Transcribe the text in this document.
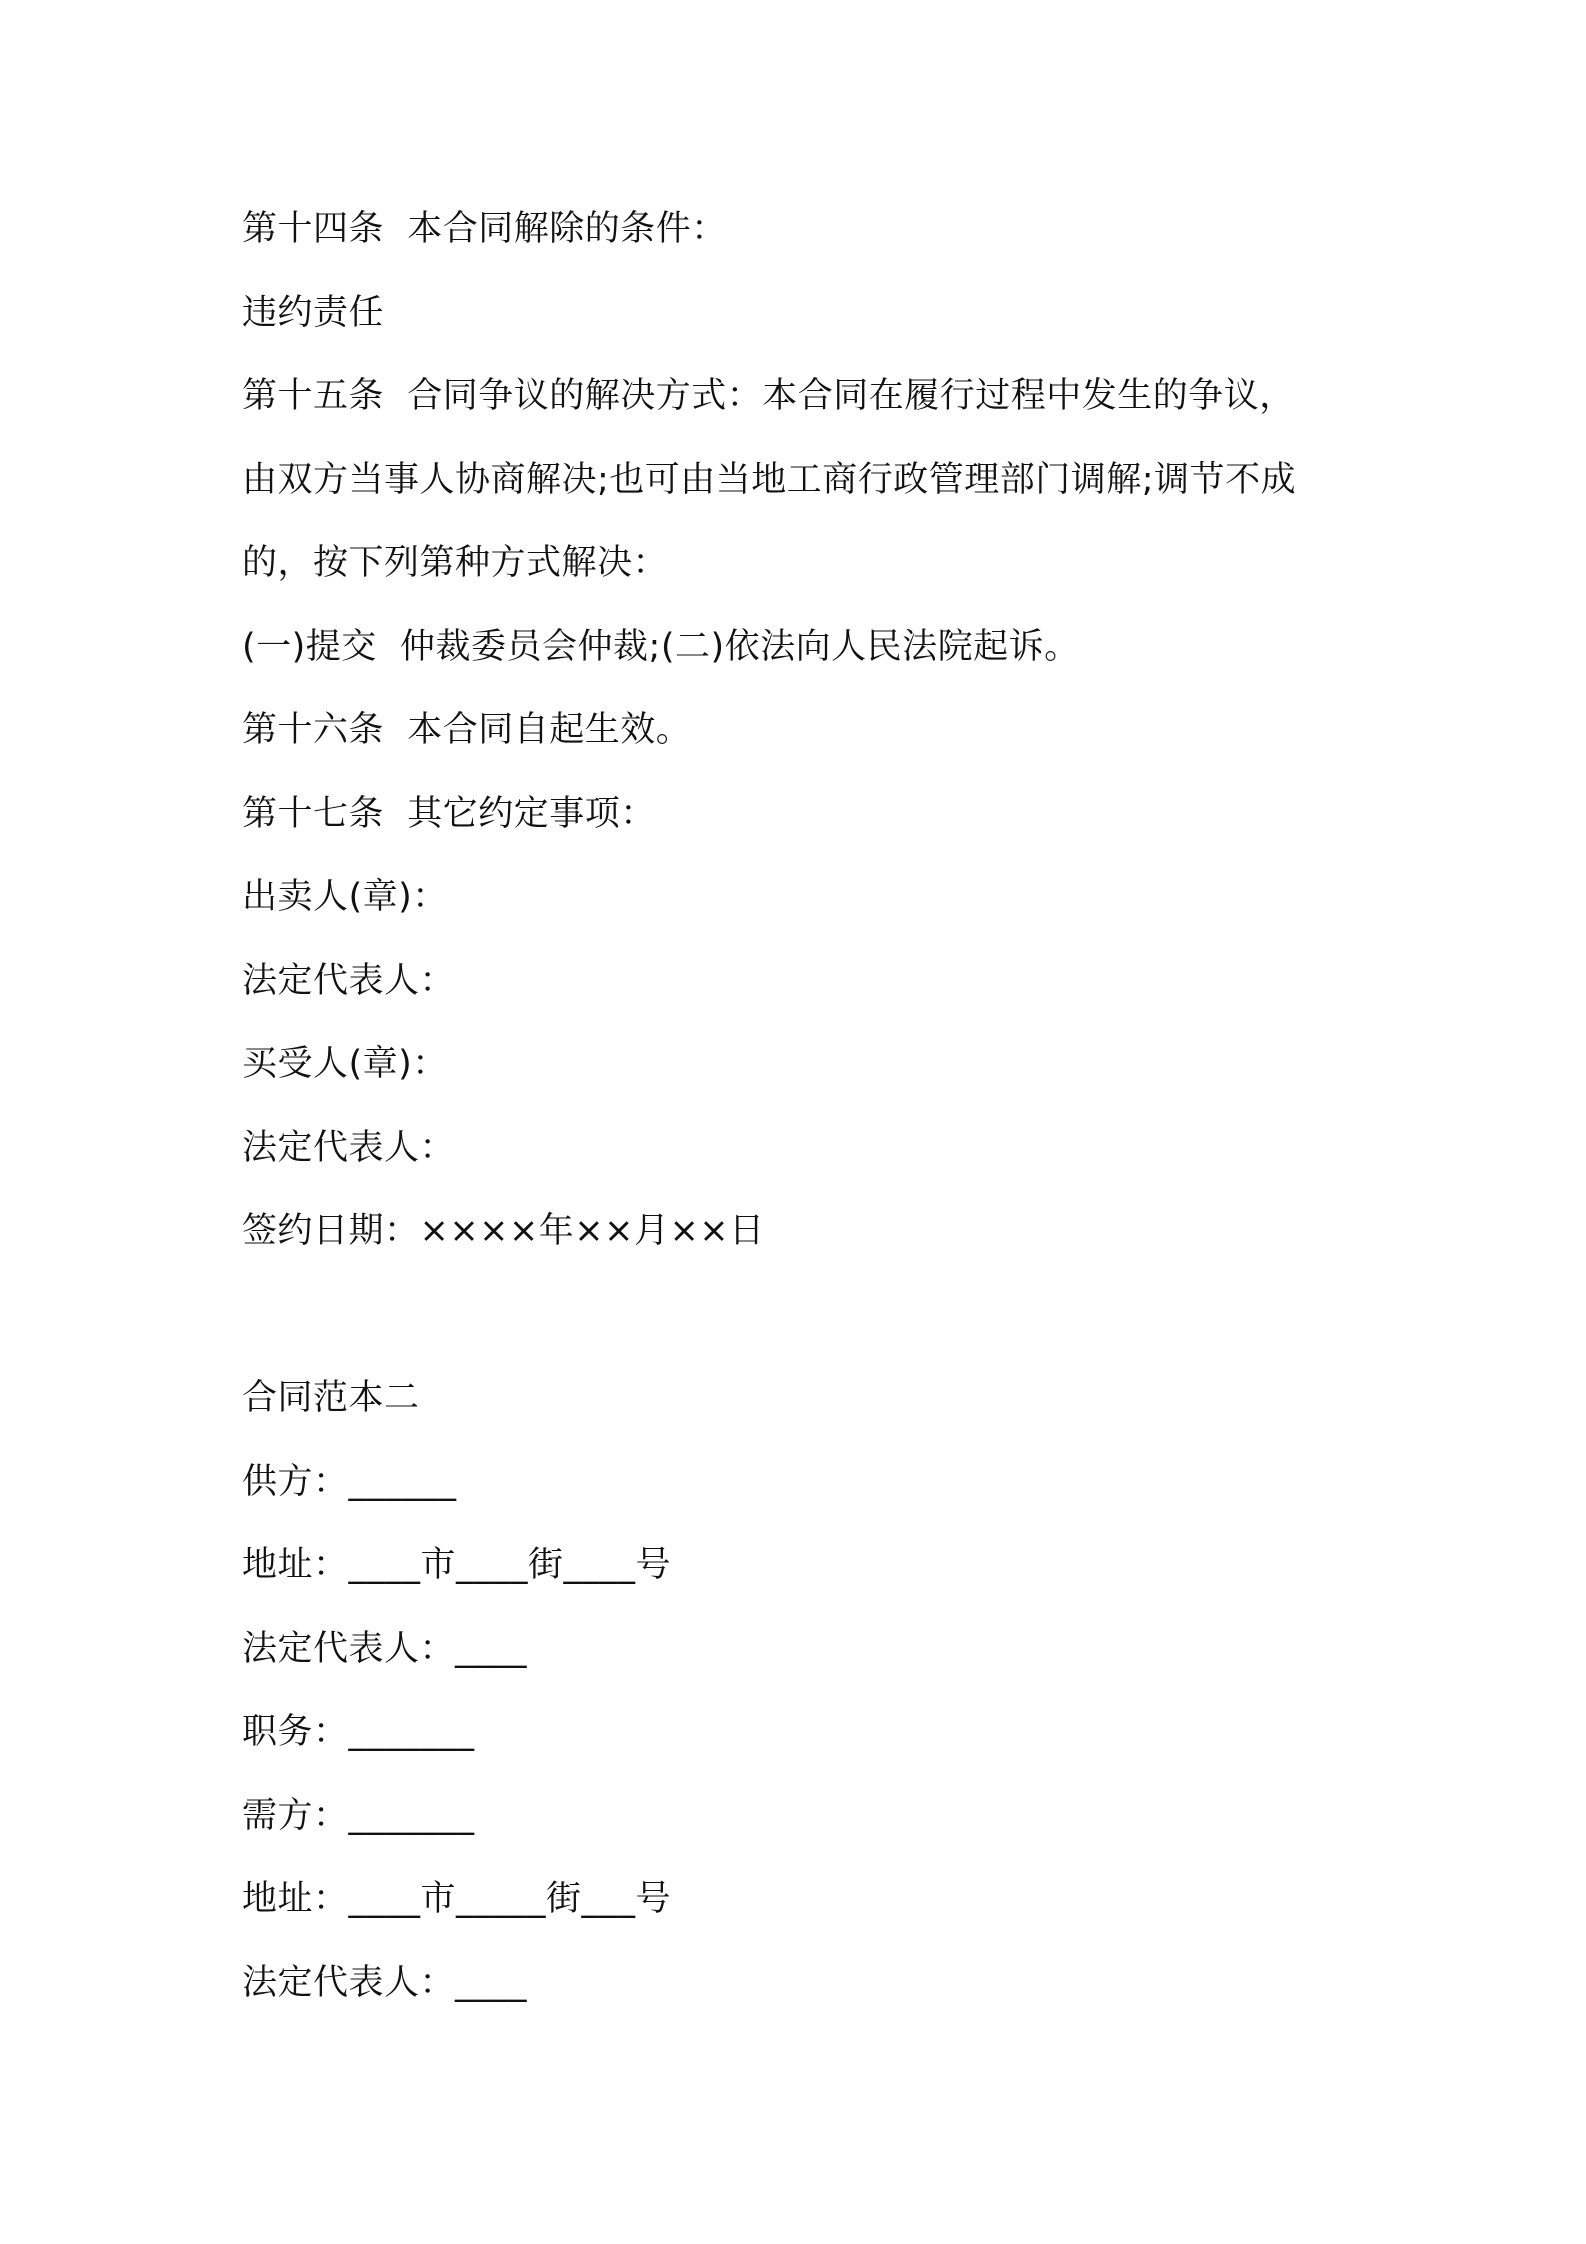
第十四条  本合同解除的条件：
违约责任
第十五条  合同争议的解决方式：本合同在履行过程中发生的争议，
由双方当事人协商解决;也可由当地工商行政管理部门调解;调节不成
的，按下列第种方式解决：
(一)提交  仲裁委员会仲裁;(二)依法向人民法院起诉。
第十六条  本合同自起生效。
第十七条  其它约定事项：
出卖人(章)：
法定代表人：
买受人(章)：
法定代表人：
签约日期：××××年××月××日
合同范本二
供方：______
地址：____市____街____号
法定代表人：____
职务：_______
需方：_______
地址：____市_____街___号
法定代表人：____
